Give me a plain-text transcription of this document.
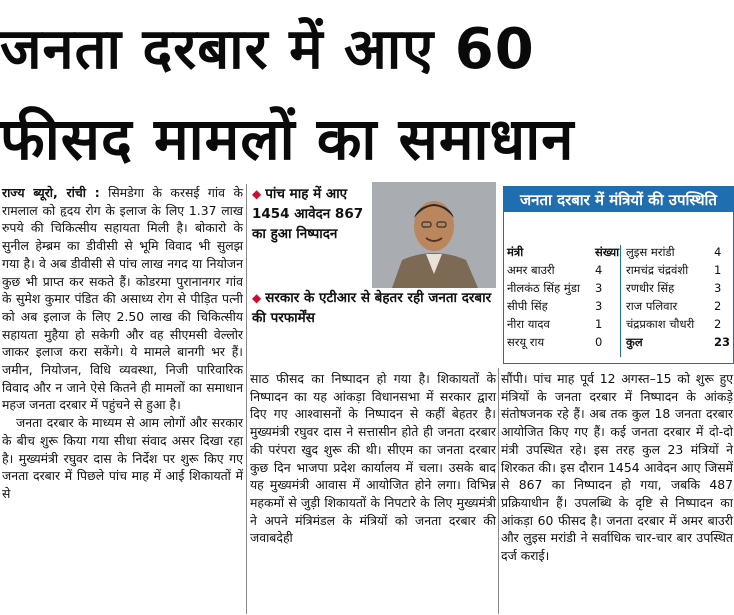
जनता दरबार में आए 60
फीसद मामलों का समाधान

राज्य ब्यूरो, रांची : सिमडेगा के करसई गांव के रामलाल को हृदय रोग के इलाज के लिए 1.37 लाख रुपये की चिकित्सीय सहायता मिली है। बोकारो के सुनील हेम्ब्रम का डीवीसी से भूमि विवाद भी सुलझ गया है। वे अब डीवीसी से पांच लाख नगद या नियोजन कुछ भी प्राप्त कर सकते हैं। कोडरमा पुरानानगर गांव के सुमेश कुमार पंडित की असाध्य रोग से पीड़ित पत्नी को अब इलाज के लिए 2.50 लाख की चिकित्सीय सहायता मुहैया हो सकेगी और वह सीएमसी वेल्लोर जाकर इलाज करा सकेंगे। ये मामले बानगी भर हैं। जमीन, नियोजन, विधि व्यवस्था, निजी पारिवारिक विवाद और न जाने ऐसे कितने ही मामलों का समाधान महज जनता दरबार में पहुंचने से हुआ है।

जनता दरबार के माध्यम से आम लोगों और सरकार के बीच शुरू किया गया सीधा संवाद असर दिखा रहा है। मुख्यमंत्री रघुवर दास के निर्देश पर शुरू किए गए जनता दरबार में पिछले पांच माह में आई शिकायतों में से

◆ पांच माह में आए 1454 आवेदन 867 का हुआ निष्पादन
◆ सरकार के एटीआर से बेहतर रही जनता दरबार की परफार्मेंस
जनता दरबार में मंत्रियों की उपस्थिति
मंत्री	संख्या
अमर बाउरी	4
नीलकंठ सिंह मुंडा	3
सीपी सिंह	3
नीरा यादव	1
सरयू राय	0
लुइस मरांडी	4
रामचंद्र चंद्रवंशी	1
रणधीर सिंह	3
राज पलिवार	2
चंद्रप्रकाश चौधरी	2
कुल	23
साठ फीसद का निष्पादन हो गया है। शिकायतों के निष्पादन का यह आंकड़ा विधानसभा में सरकार द्वारा दिए गए आश्वासनों के निष्पादन से कहीं बेहतर है। मुख्यमंत्री रघुवर दास ने सत्तासीन होते ही जनता दरबार की परंपरा खुद शुरू की थी। सीएम का जनता दरबार कुछ दिन भाजपा प्रदेश कार्यालय में चला। उसके बाद यह मुख्यमंत्री आवास में आयोजित होने लगा। विभिन्न महकमों से जुड़ी शिकायतों के निपटारे के लिए मुख्यमंत्री ने अपने मंत्रिमंडल के मंत्रियों को जनता दरबार की जवाबदेही
सौंपी। पांच माह पूर्व 12 अगस्त–15 को शुरू हुए मंत्रियों के जनता दरबार में निष्पादन के आंकड़े संतोषजनक रहे हैं। अब तक कुल 18 जनता दरबार आयोजित किए गए हैं। कई जनता दरबार में दो-दो मंत्री उपस्थित रहे। इस तरह कुल 23 मंत्रियों ने शिरकत की। इस दौरान 1454 आवेदन आए जिसमें से 867 का निष्पादन हो गया, जबकि 487 प्रक्रियाधीन हैं। उपलब्धि के दृष्टि से निष्पादन का आंकड़ा 60 फीसद है। जनता दरबार में अमर बाउरी और लुइस मरांडी ने सर्वाधिक चार-चार बार उपस्थित दर्ज कराई।
